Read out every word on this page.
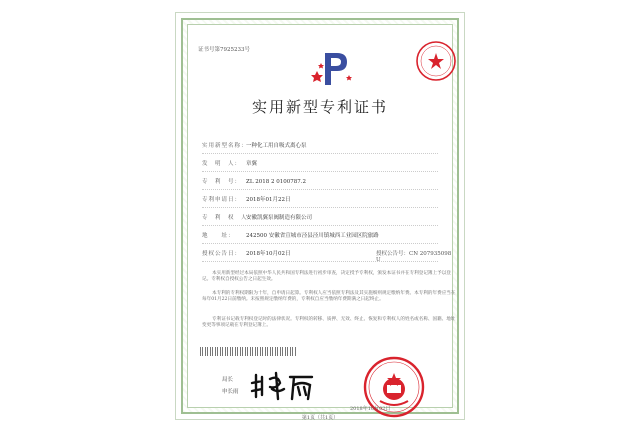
证书号第7925233号
实用新型专利证书
实用新型名称：一种化工用自吸式离心泵
发　明　人： 章翼
专　利　号： ZL 2018 2 0100787.2
专利申请日： 2018年01月22日
专　利　权　人：安徽凯翼泵阀制造有限公司
地　　址： 242500 安徽省宣城市泾县泾川镇城西工业园区院旅路
授权公告日： 2018年10月02日	授权公告号：CN 207935098 U
本实用新型经过本局依照中华人民共和国专利法进行初步审查，决定授予专利权，颁发本证书并在专利登记簿上予以登记。专利权自授权公告之日起生效。
本专利的专利权期限为十年，自申请日起算。专利权人应当依照专利法及其实施细则规定缴纳年费。本专利的年费应当在每年01月22日前缴纳。未按照规定缴纳年费的，专利权自应当缴纳年费期满之日起终止。
专利证书记载专利权登记时的法律状况。专利权的转移、质押、无效、终止、恢复和专利权人的姓名或名称、国籍、地址变更等事项记载在专利登记簿上。
局长
申长雨
2018年10月02日
第1页（共1页）
